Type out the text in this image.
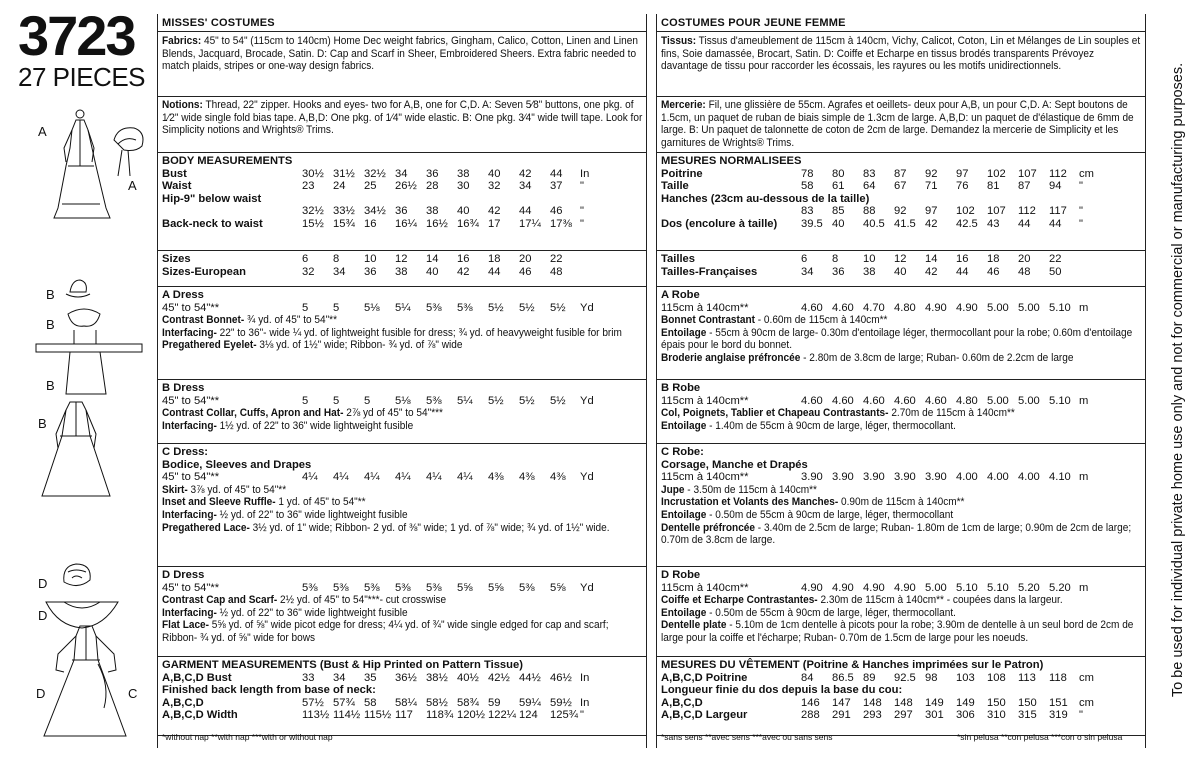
3723
27 PIECES
A
A
B
B
B
B
D
D
D	C
MISSES' COSTUMES
Fabrics: 45" to 54" (115cm to 140cm) Home Dec weight fabrics, Gingham, Calico, Cotton, Linen and Linen Blends, Jacquard, Brocade, Satin. D: Cap and Scarf in Sheer, Embroidered Sheers. Extra fabric needed to match plaids, stripes or one-way design fabrics.
Notions: Thread, 22" zipper. Hooks and eyes- two for A,B, one for C,D. A: Seven 5⁄8" buttons, one pkg. of 1⁄2" wide single fold bias tape. A,B,D: One pkg. of 1⁄4" wide elastic. B: One pkg. 3⁄4" wide twill tape. Look for Simplicity notions and Wrights® Trims.
BODY MEASUREMENTS
Bust	30½ 31½ 32½ 34	36	38	40	42	44	In
Waist	23	24	25	26½ 28	30	32	34	37	"
Hip-9" below waist
32½ 33½ 34½ 36	38	40	42	44	46	"
Back-neck to waist	15½ 15¾ 16	16¼ 16½ 16¾ 17	17¼ 17⅜ "
Sizes	6	8	10	12	14	16	18	20	22
Sizes-European	32	34	36	38	40	42	44	46	48
A Dress
45" to 54"**	5	5	5⅛	5¼	5⅜	5⅜	5½	5½	5½	Yd
Contrast Bonnet- ¾ yd. of 45" to 54"**
Interfacing- 22" to 36"- wide ¼ yd. of lightweight fusible for dress; ¾ yd. of heavyweight fusible for brim
Pregathered Eyelet- 3⅛ yd. of 1½" wide; Ribbon- ¾ yd. of ⅞" wide
B Dress
45" to 54"**	5	5	5	5⅛	5⅜	5¼	5½	5½	5½	Yd
Contrast Collar, Cuffs, Apron and Hat- 2⅞ yd of 45" to 54"***
Interfacing- 1½ yd. of 22" to 36" wide lightweight fusible
C Dress:
Bodice, Sleeves and Drapes
45" to 54"**	4¼	4¼	4¼	4¼	4¼	4¼	4⅜	4⅜	4⅜	Yd
Skirt- 3⅞ yd. of 45" to 54"**
Inset and Sleeve Ruffle- 1 yd. of 45" to 54"**
Interfacing- ½ yd. of 22" to 36" wide lightweight fusible
Pregathered Lace- 3½ yd. of 1" wide; Ribbon- 2 yd. of ⅜" wide; 1 yd. of ⅞" wide; ¾ yd. of 1½" wide.
D Dress
45" to 54"**	5⅜	5⅜	5⅜	5⅜	5⅜	5⅝	5⅝	5⅜	5⅝	Yd
Contrast Cap and Scarf- 2½ yd. of 45" to 54"***- cut crosswise
Interfacing- ½ yd. of 22" to 36" wide lightweight fusible
Flat Lace- 5⅝ yd. of ⅝" wide picot edge for dress; 4¼ yd. of ¾" wide single edged for cap and scarf; Ribbon- ¾ yd. of ⅝" wide for bows
GARMENT MEASUREMENTS (Bust & Hip Printed on Pattern Tissue)
A,B,C,D Bust	33	34	35	36½ 38½ 40½ 42½ 44½ 46½ In
Finished back length from base of neck:
A,B,C,D	57½ 57¾ 58	58¼ 58½ 58¾ 59	59¼ 59½ In
A,B,C,D Width	113½ 114½ 115½ 117	118¾ 120½ 122¼ 124	125¾ "
*without nap **with nap ***with or without nap
COSTUMES POUR JEUNE FEMME
Tissus: Tissus d'ameublement de 115cm à 140cm, Vichy, Calicot, Coton, Lin et Mélanges de Lin souples et fins, Soie damassée, Brocart, Satin. D: Coiffe et Echarpe en tissus brodés transparents Prévoyez davantage de tissu pour raccorder les écossais, les rayures ou les motifs unidirectionnels.
Mercerie: Fil, une glissière de 55cm. Agrafes et oeillets- deux pour A,B, un pour C,D. A: Sept boutons de 1.5cm, un paquet de ruban de biais simple de 1.3cm de large. A,B,D: un paquet de d'élastique de 6mm de large. B: Un paquet de talonnette de coton de 2cm de large. Demandez la mercerie de Simplicity et les garnitures de Wrights® Trims.
MESURES NORMALISEES
Poitrine	78	80	83	87	92	97	102	107	112	cm
Taille	58	61	64	67	71	76	81	87	94	"
Hanches (23cm au-dessous de la taille)
83	85	88	92	97	102	107	112	117	"
Dos (encolure à taille) 39.5 40	40.5 41.5 42	42.5 43	44	44	"
Tailles	6	8	10	12	14	16	18	20	22
Tailles-Françaises	34	36	38	40	42	44	46	48	50
A Robe
115cm à 140cm**	4.60 4.60 4.70 4.80 4.90 4.90 5.00 5.00 5.10 m
Bonnet Contrastant - 0.60m de 115cm à 140cm**
Entoilage - 55cm à 90cm de large- 0.30m d'entoilage léger, thermocollant pour la robe; 0.60m d'entoilage épais pour le bord du bonnet.
Broderie anglaise préfroncée - 2.80m de 3.8cm de large; Ruban- 0.60m de 2.2cm de large
B Robe
115cm à 140cm**	4.60 4.60 4.60 4.60 4.60 4.80 5.00 5.00 5.10 m
Col, Poignets, Tablier et Chapeau Contrastants- 2.70m de 115cm à 140cm**
Entoilage - 1.40m de 55cm à 90cm de large, léger, thermocollant.
C Robe:
Corsage, Manche et Drapés
115cm à 140cm**	3.90 3.90 3.90 3.90 3.90 4.00 4.00 4.00 4.10 m
Jupe - 3.50m de 115cm à 140cm**
Incrustation et Volants des Manches- 0.90m de 115cm à 140cm**
Entoilage - 0.50m de 55cm à 90cm de large, léger, thermocollant
Dentelle préfroncée - 3.40m de 2.5cm de large; Ruban- 1.80m de 1cm de large; 0.90m de 2cm de large; 0.70m de 3.8cm de large.
D Robe
115cm à 140cm**	4.90 4.90 4.90 4.90 5.00 5.10 5.10 5.20 5.20 m
Coiffe et Echarpe Contrastantes- 2.30m de 115cm à 140cm** - coupées dans la largeur.
Entoilage - 0.50m de 55cm à 90cm de large, léger, thermocollant.
Dentelle plate - 5.10m de 1cm dentelle à picots pour la robe; 3.90m de dentelle à un seul bord de 2cm de large pour la coiffe et l'écharpe; Ruban- 0.70m de 1.5cm de large pour les noeuds.
MESURES DU VÊTEMENT (Poitrine & Hanches imprimées sur le Patron)
A,B,C,D Poitrine	84	86.5 89	92.5 98	103	108	113	118	cm
Longueur finie du dos depuis la base du cou:
A,B,C,D	146	147	148	148	149	149	150	150	151	cm
A,B,C,D Largeur	288	291	293	297	301	306	310	315	319	"
*sans sens **avec sens ***avec ou sans sens	*sin pelusa **con pelusa ***con o sin pelusa
To be used for individual private home use only and not for commercial or manufacturing purposes.
